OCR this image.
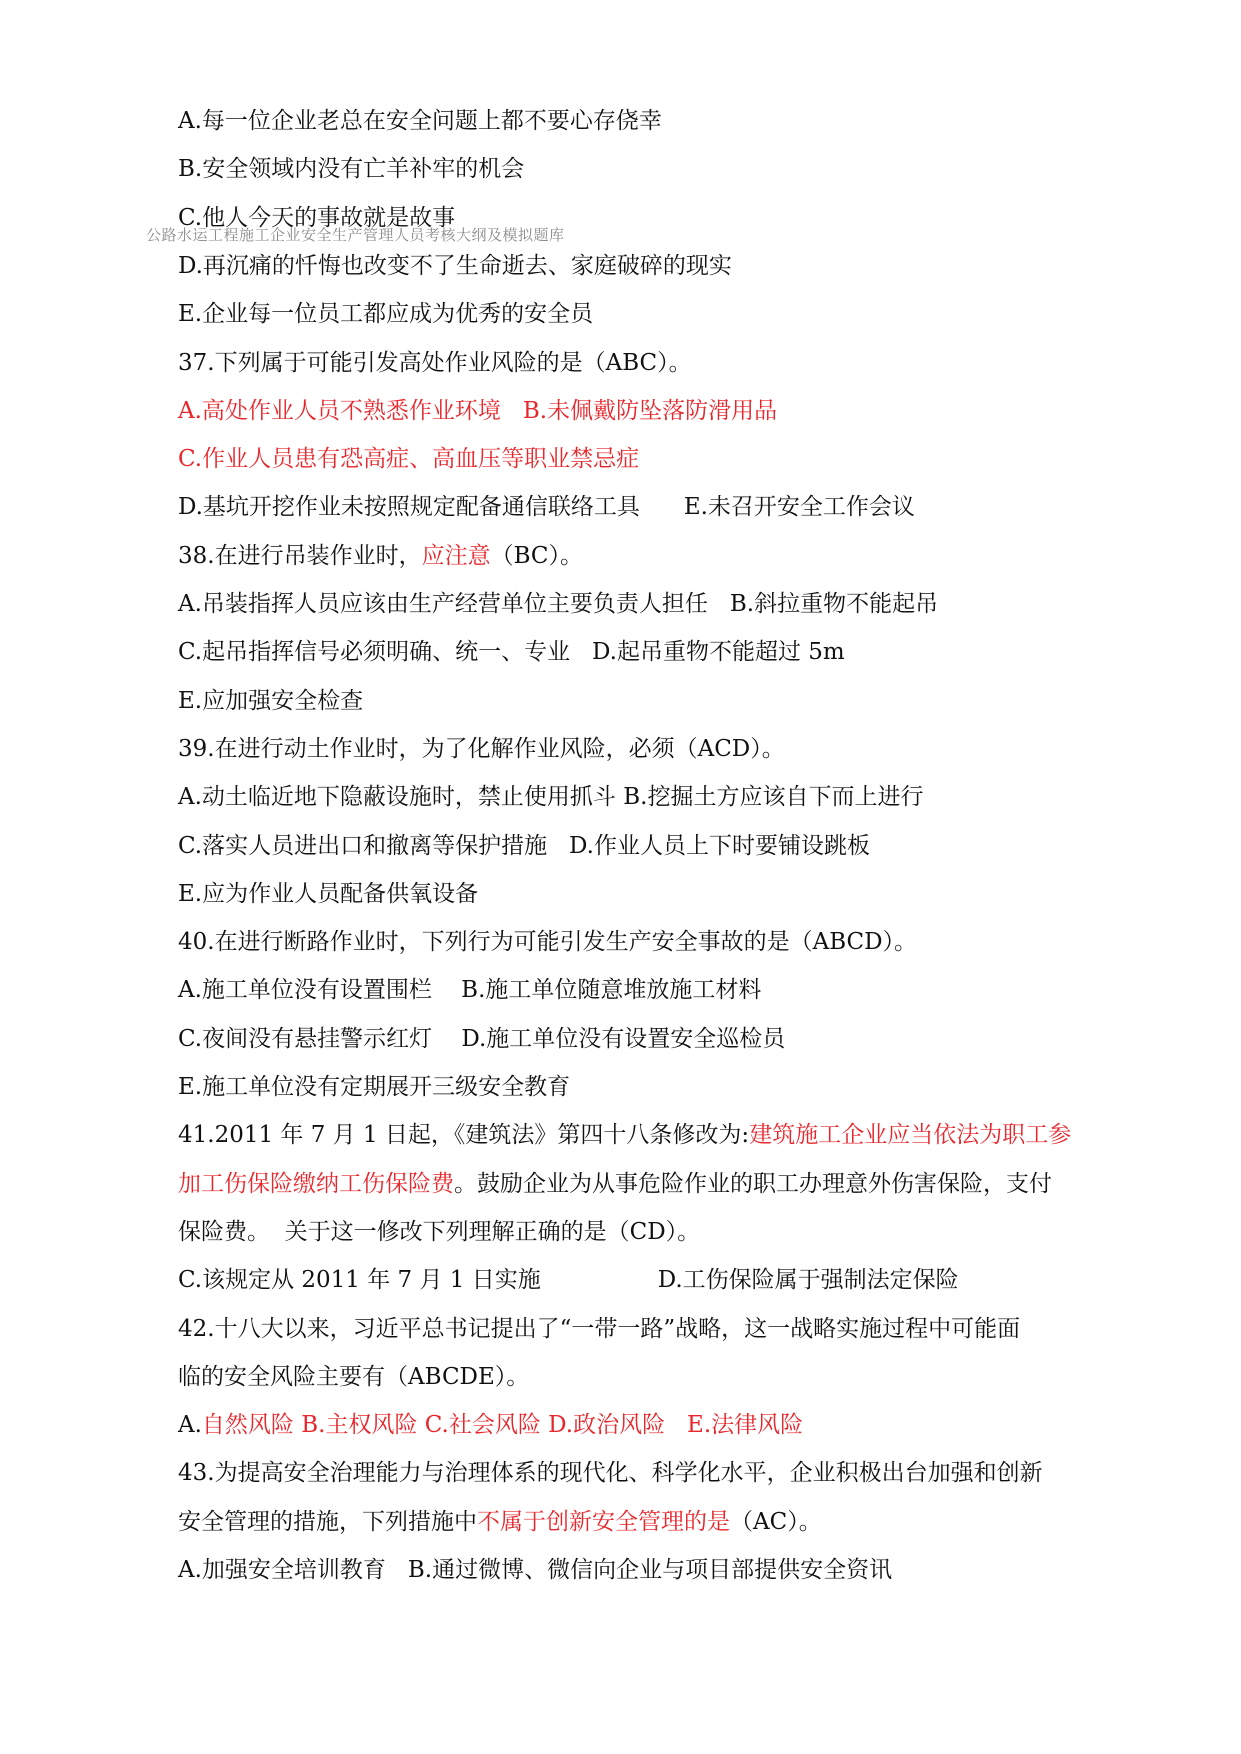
公路水运工程施工企业安全生产管理人员考核大纲及模拟题库
A.每一位企业老总在安全问题上都不要心存侥幸
B.安全领域内没有亡羊补牢的机会
C.他人今天的事故就是故事
D.再沉痛的忏悔也改变不了生命逝去、家庭破碎的现实
E.企业每一位员工都应成为优秀的安全员
37.下列属于可能引发高处作业风险的是（ABC）。
A.高处作业人员不熟悉作业环境 B.未佩戴防坠落防滑用品
C.作业人员患有恐高症、高血压等职业禁忌症
D.基坑开挖作业未按照规定配备通信联络工具 E.未召开安全工作会议
38.在进行吊装作业时，应注意（BC）。
A.吊装指挥人员应该由生产经营单位主要负责人担任 B.斜拉重物不能起吊
C.起吊指挥信号必须明确、统一、专业 D.起吊重物不能超过 5m
E.应加强安全检查
39.在进行动土作业时，为了化解作业风险，必须（ACD）。
A.动土临近地下隐蔽设施时，禁止使用抓斗 B.挖掘土方应该自下而上进行
C.落实人员进出口和撤离等保护措施 D.作业人员上下时要铺设跳板
E.应为作业人员配备供氧设备
40.在进行断路作业时，下列行为可能引发生产安全事故的是（ABCD）。
A.施工单位没有设置围栏 B.施工单位随意堆放施工材料
C.夜间没有悬挂警示红灯 D.施工单位没有设置安全巡检员
E.施工单位没有定期展开三级安全教育
41.2011 年 7 月 1 日起，《建筑法》第四十八条修改为:建筑施工企业应当依法为职工参
加工伤保险缴纳工伤保险费。鼓励企业为从事危险作业的职工办理意外伤害保险，支付
保险费。  关于这一修改下列理解正确的是（CD）。
C.该规定从 2011 年 7 月 1 日实施	D.工伤保险属于强制法定保险
42.十八大以来，习近平总书记提出了“一带一路”战略，这一战略实施过程中可能面
临的安全风险主要有（ABCDE）。
A.自然风险 B.主权风险 C.社会风险 D.政治风险 E.法律风险
43.为提高安全治理能力与治理体系的现代化、科学化水平，企业积极出台加强和创新
安全管理的措施，下列措施中不属于创新安全管理的是（AC）。
A.加强安全培训教育 B.通过微博、微信向企业与项目部提供安全资讯
